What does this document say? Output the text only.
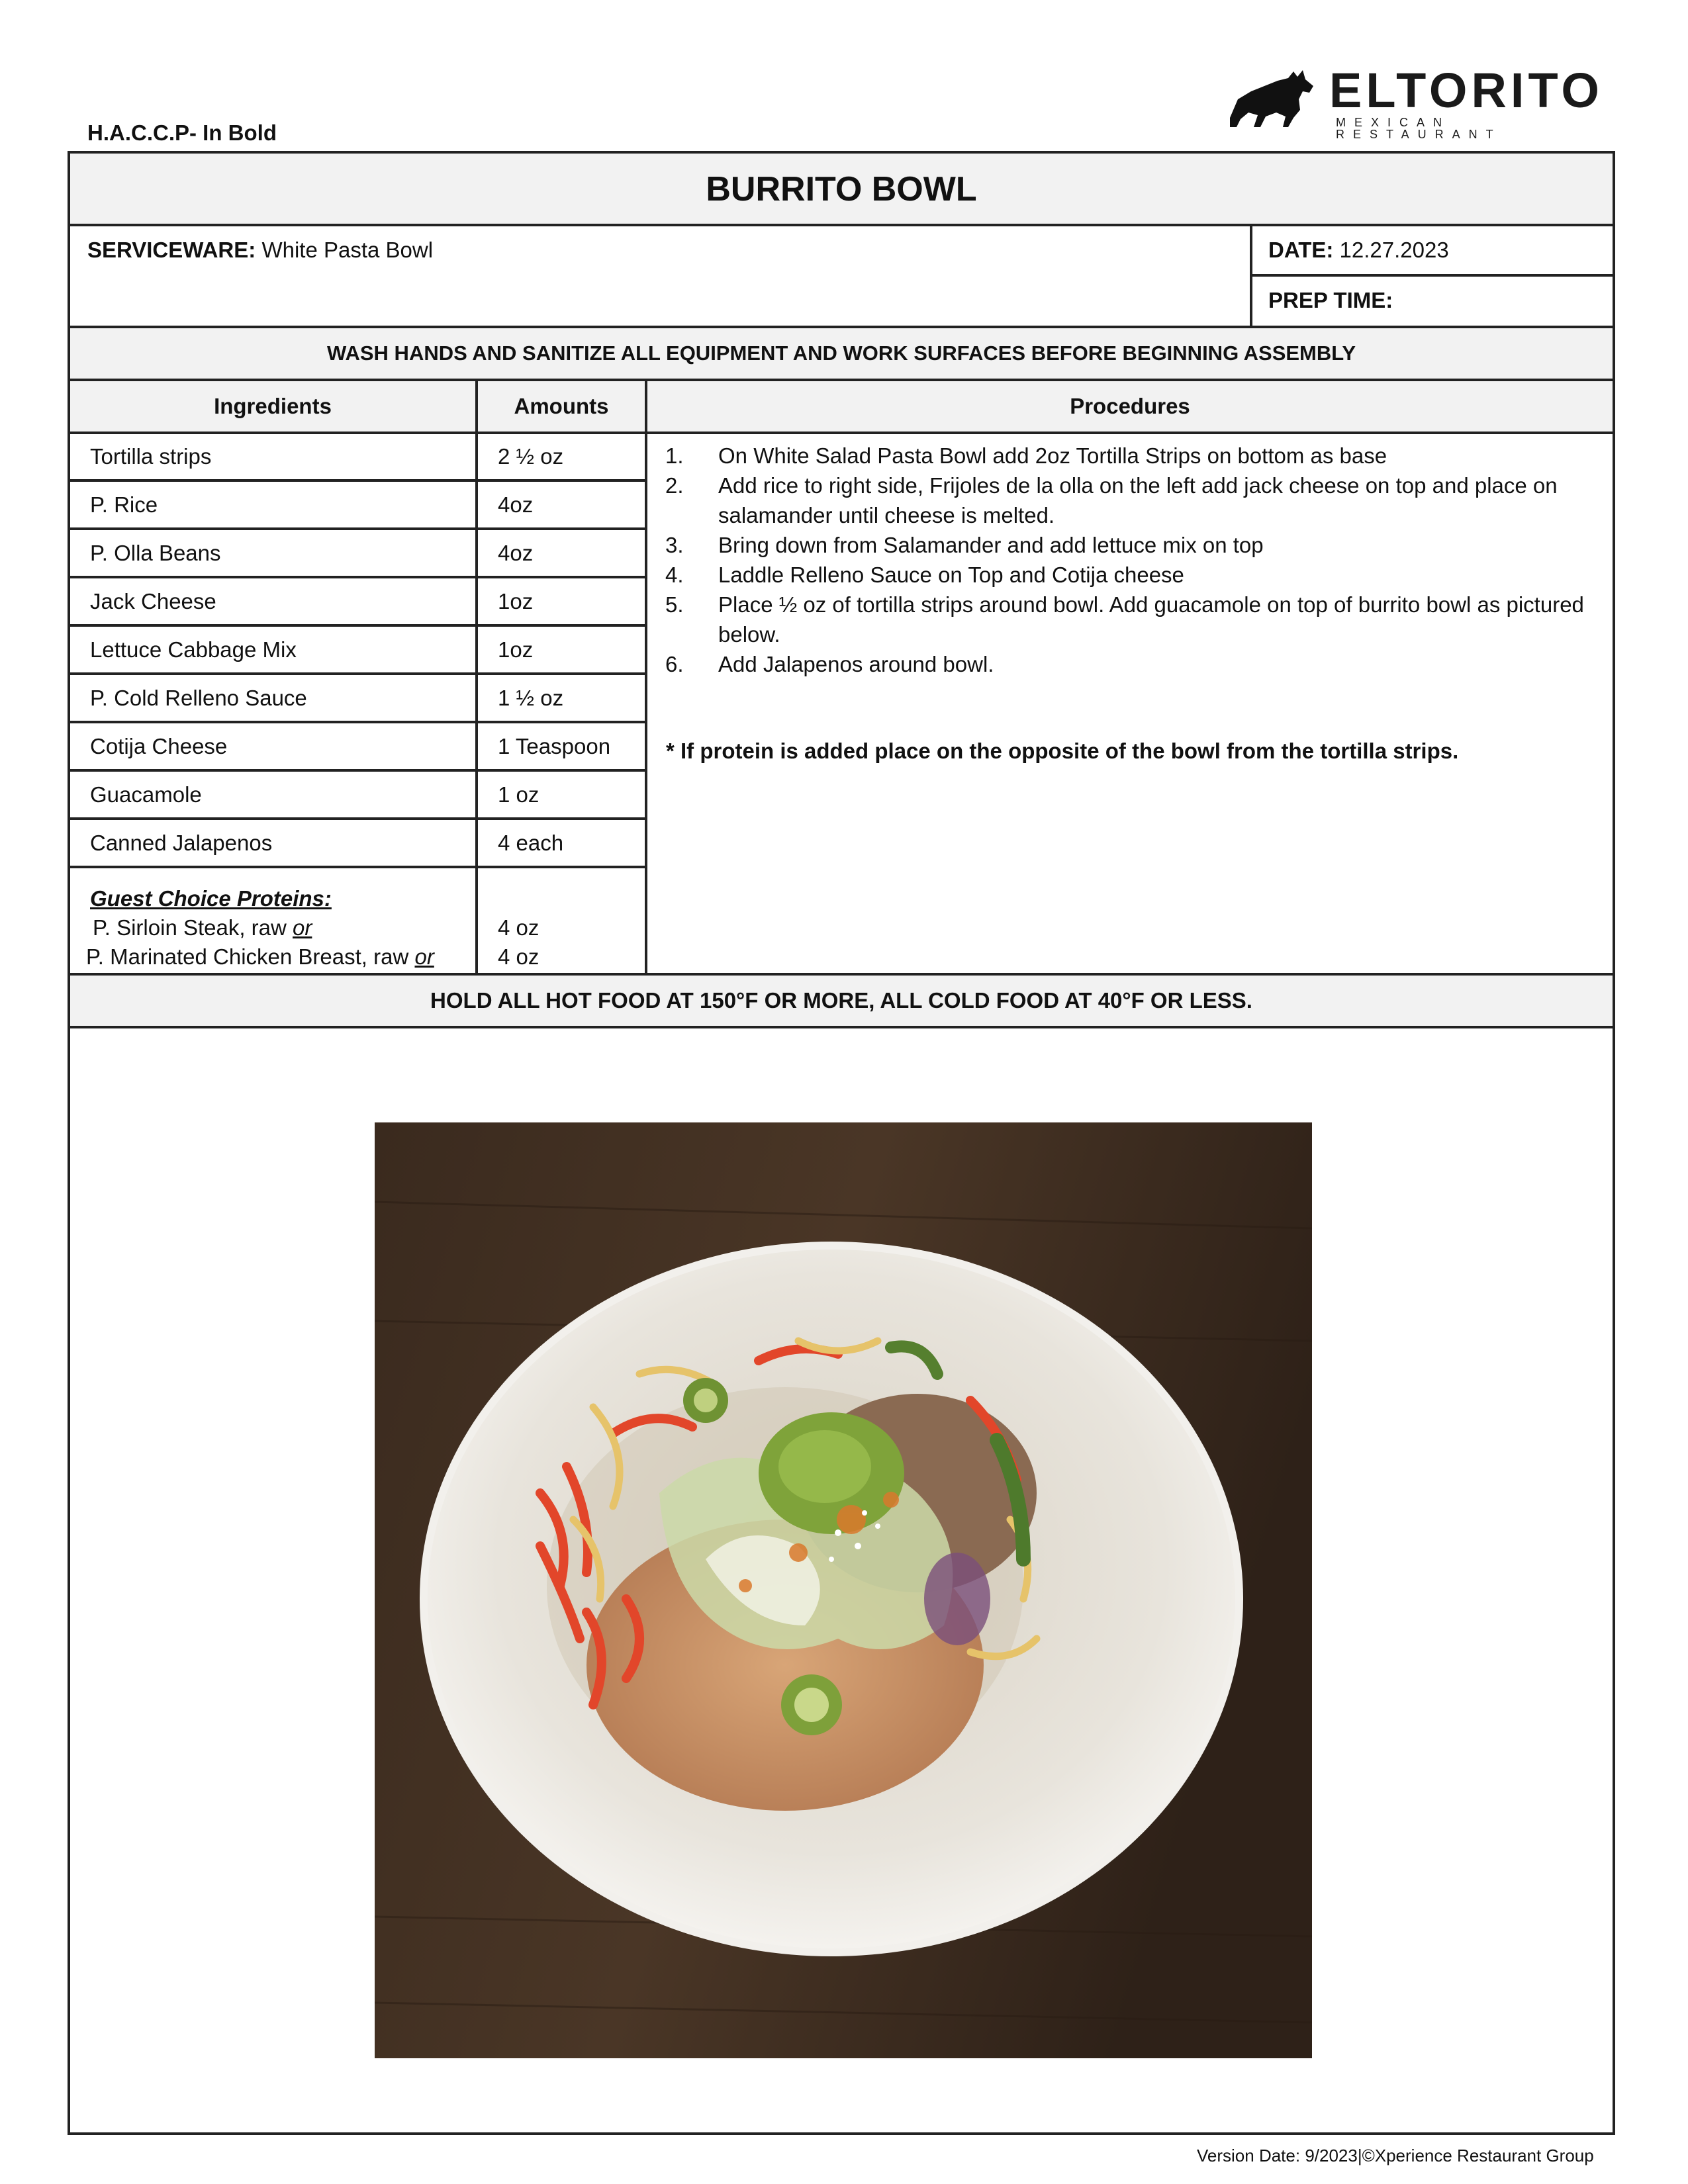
H.A.C.C.P- In Bold
ELTORITO
MEXICAN RESTAURANT
BURRITO BOWL
SERVICEWARE: White Pasta Bowl	DATE: 12.27.2023
PREP TIME:
WASH HANDS AND SANITIZE ALL EQUIPMENT AND WORK SURFACES BEFORE BEGINNING ASSEMBLY
Ingredients	Amounts	Procedures
Tortilla strips	2 ½ oz
P. Rice	4oz
P. Olla Beans	4oz
Jack Cheese	1oz
Lettuce Cabbage Mix	1oz
P. Cold Relleno Sauce	1 ½ oz
Cotija Cheese	1 Teaspoon
Guacamole	1 oz
Canned Jalapenos	4 each
Guest Choice Proteins:
P. Sirloin Steak, raw or	4 oz
P. Marinated Chicken Breast, raw or	4 oz
1. On White Salad Pasta Bowl add 2oz Tortilla Strips on bottom as base
2. Add rice to right side, Frijoles de la olla on the left add jack cheese on top and place on salamander until cheese is melted.
3. Bring down from Salamander and add lettuce mix on top
4. Laddle Relleno Sauce on Top and Cotija cheese
5. Place ½ oz of tortilla strips around bowl. Add guacamole on top of burrito bowl as pictured below.
6. Add Jalapenos around bowl.
* If protein is added place on the opposite of the bowl from the tortilla strips.
HOLD ALL HOT FOOD AT 150°F OR MORE, ALL COLD FOOD AT 40°F OR LESS.
Version Date: 9/2023|©Xperience Restaurant Group
